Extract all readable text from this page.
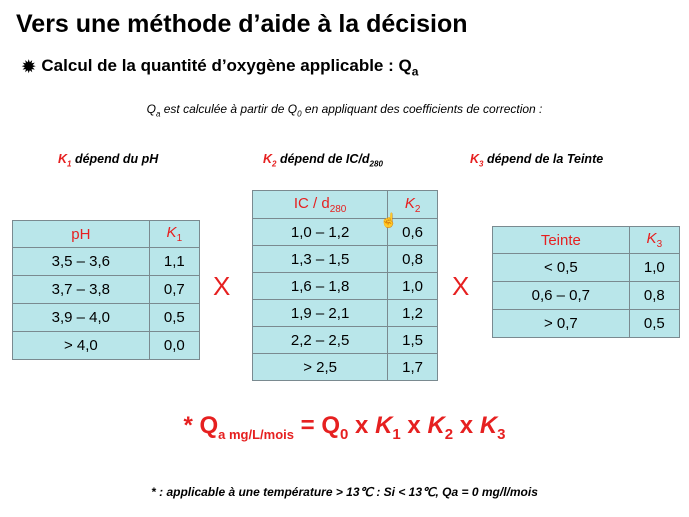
Vers une méthode d’aide à la décision
✹ Calcul de la quantité d’oxygène applicable : $Q_a$
$Q_a$ est calculée à partir de $Q_0$ en appliquant des coefficients de correction :
$K_1$ dépend du pH	$K_2$ dépend de $IC/d_{280}$	$K_3$ dépend de la Teinte
pH	$K_1$
3,5 – 3,6	1,1
3,7 – 3,8	0,7
3,9 – 4,0	0,5
> 4,0	0,0
X
IC / $d_{280}$	$K_2$
1,0 – 1,2	0,6
1,3 – 1,5	0,8
1,6 – 1,8	1,0
1,9 – 2,1	1,2
2,2 – 2,5	1,5
> 2,5	1,7
☝
X
Teinte	$K_3$
< 0,5	1,0
0,6 – 0,7	0,8
> 0,7	0,5
* $Q_a$ $_{mg/L/mois} = Q_0$ x $K_1$ x $K_2$ x $K_3$
* : applicable à une température > 13℃ : Si < 13℃, Qa = 0 mg/l/mois
